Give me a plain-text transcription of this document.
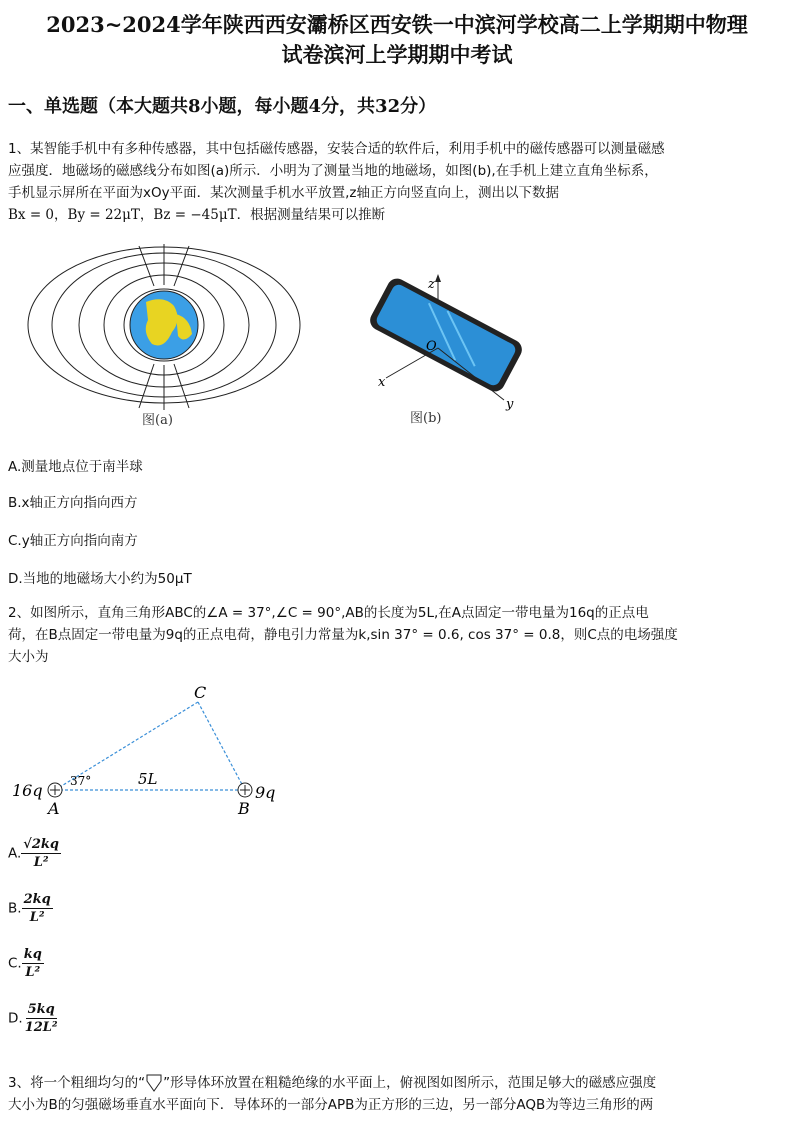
2023~2024学年陕西西安灞桥区西安铁一中滨河学校高二上学期期中物理
试卷滨河上学期期中考试
一、单选题（本大题共8小题，每小题4分，共32分）
1、某智能手机中有多种传感器，其中包括磁传感器，安装合适的软件后，利用手机中的磁传感器可以测量磁感
应强度．地磁场的磁感线分布如图(a)所示．小明为了测量当地的地磁场，如图(b),在手机上建立直角坐标系，
手机显示屏所在平面为xOy平面．某次测量手机水平放置,z轴正方向竖直向上，测出以下数据
Bx = 0，By = 22μT，Bz = −45μT．根据测量结果可以推断
图(a)
z
O
x
y
图(b)
A.测量地点位于南半球
B.x轴正方向指向西方
C.y轴正方向指向南方
D.当地的地磁场大小约为50μT
2、如图所示，直角三角形ABC的∠A = 37°,∠C = 90°,AB的长度为5L,在A点固定一带电量为16q的正点电
荷，在B点固定一带电量为9q的正点电荷，静电引力常量为k,sin 37° = 0.6, cos 37° = 0.8，则C点的电场强度
大小为
C
A	B
16q	9q
37°	5L
A. $\frac{√2kq}{\text{L²}}$
B. $\frac{2kq}{\text{L²}}$
C. $\frac{kq}{\text{L²}}$
D. $\frac{5kq}{\text{12L²}}$
3、将一个粗细均匀的“ ”形导体环放置在粗糙绝缘的水平面上，俯视图如图所示，范围足够大的磁感应强度
大小为B的匀强磁场垂直水平面向下．导体环的一部分APB为正方形的三边，另一部分AQB为等边三角形的两
